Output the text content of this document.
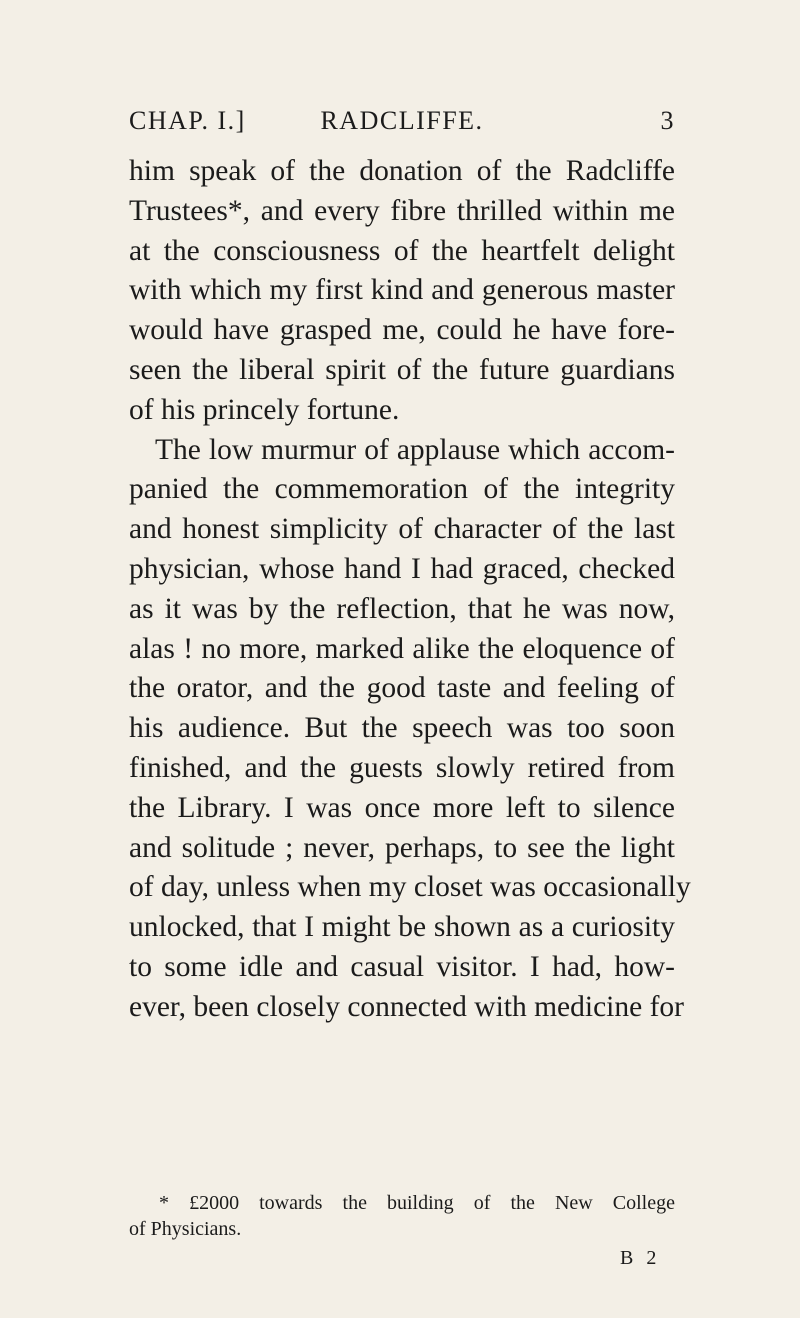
CHAP. I.]	RADCLIFFE.	3
him speak of the donation of the Radcliffe
Trustees*, and every fibre thrilled within me
at the consciousness of the heartfelt delight
with which my first kind and generous master
would have grasped me, could he have fore-
seen the liberal spirit of the future guardians
of his princely fortune.
The low murmur of applause which accom-
panied the commemoration of the integrity
and honest simplicity of character of the last
physician, whose hand I had graced, checked
as it was by the reflection, that he was now,
alas ! no more, marked alike the eloquence of
the orator, and the good taste and feeling of
his audience. But the speech was too soon
finished, and the guests slowly retired from
the Library. I was once more left to silence
and solitude ; never, perhaps, to see the light
of day, unless when my closet was occasionally
unlocked, that I might be shown as a curiosity
to some idle and casual visitor. I had, how-
ever, been closely connected with medicine for
* £2000 towards the building of the New College
of Physicians.
B 2
